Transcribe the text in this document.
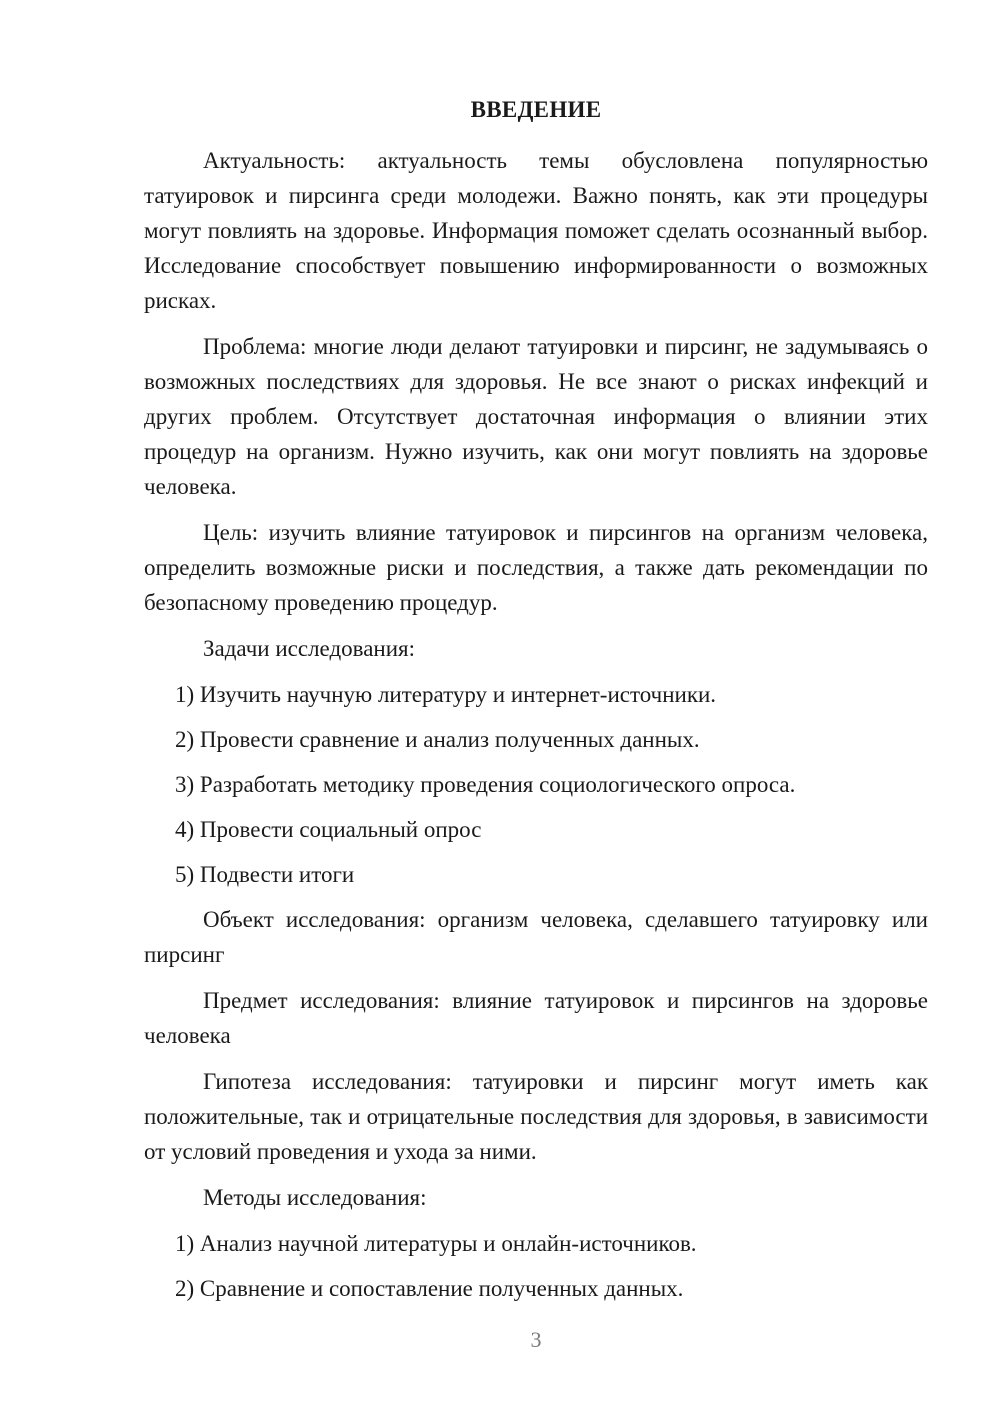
ВВЕДЕНИЕ

Актуальность: актуальность темы обусловлена популярностью татуировок и пирсинга среди молодежи. Важно понять, как эти процедуры могут повлиять на здоровье. Информация поможет сделать осознанный выбор. Исследование способствует повышению информированности о возможных рисках.

Проблема: многие люди делают татуировки и пирсинг, не задумываясь о возможных последствиях для здоровья. Не все знают о рисках инфекций и других проблем. Отсутствует достаточная информация о влиянии этих процедур на организм. Нужно изучить, как они могут повлиять на здоровье человека.

Цель: изучить влияние татуировок и пирсингов на организм человека, определить возможные риски и последствия, а также дать рекомендации по безопасному проведению процедур.

Задачи исследования:

1) Изучить научную литературу и интернет-источники.
2) Провести сравнение и анализ полученных данных.
3) Разработать методику проведения социологического опроса.
4) Провести социальный опрос
5) Подвести итоги

Объект исследования: организм человека, сделавшего татуировку или пирсинг

Предмет исследования: влияние татуировок и пирсингов на здоровье человека

Гипотеза исследования: татуировки и пирсинг могут иметь как положительные, так и отрицательные последствия для здоровья, в зависимости от условий проведения и ухода за ними.

Методы исследования:

1) Анализ научной литературы и онлайн-источников.
2) Сравнение и сопоставление полученных данных.
3
